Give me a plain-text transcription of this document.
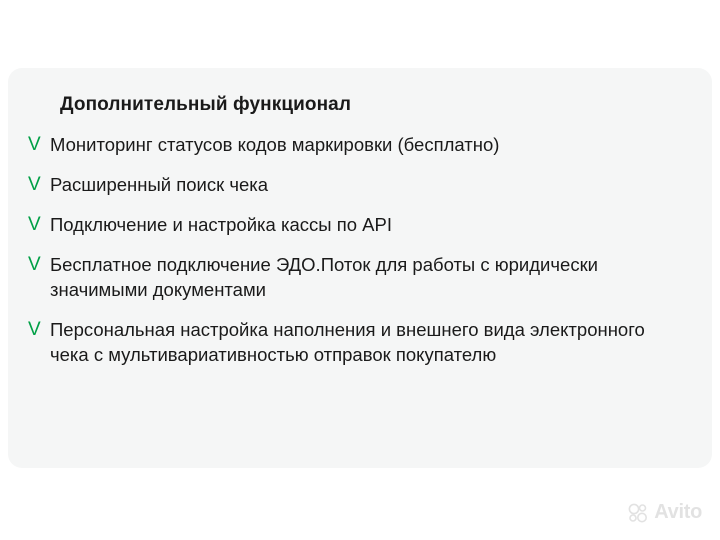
Дополнительный функционал
V Мониторинг статусов кодов маркировки (бесплатно)
V Расширенный поиск чека
V Подключение и настройка кассы по API
V Бесплатное подключение ЭДО.Поток для работы с юридически значимыми документами
V Персональная настройка наполнения и внешнего вида электронного чека с мультивариативностью отправок покупателю
Avito
